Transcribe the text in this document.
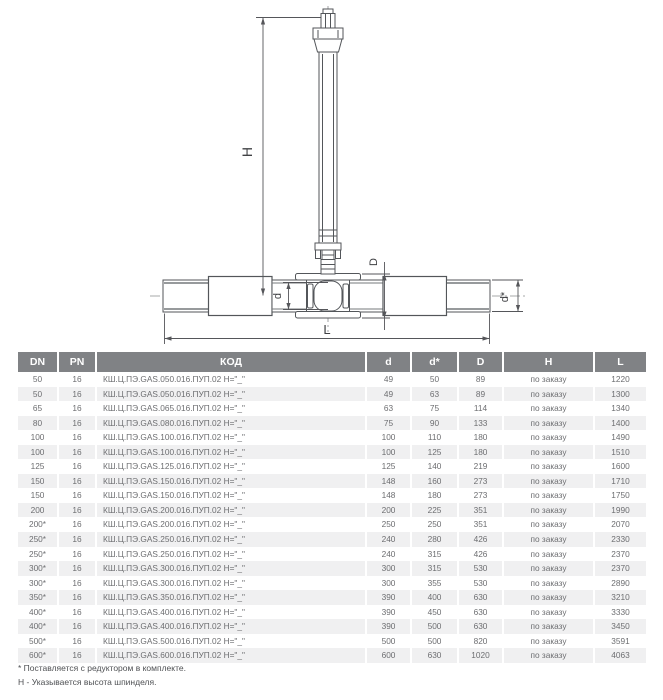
H
L
d
D
d*
DN	PN	КОД	d	d*	D	H	L
50	16	КШ.Ц.ПЭ.GAS.050.016.ПУП.02 Н="_"	49	50	89	по заказу	1220
50	16	КШ.Ц.ПЭ.GAS.050.016.ПУП.02 Н="_"	49	63	89	по заказу	1300
65	16	КШ.Ц.ПЭ.GAS.065.016.ПУП.02 Н="_"	63	75	114	по заказу	1340
80	16	КШ.Ц.ПЭ.GAS.080.016.ПУП.02 Н="_"	75	90	133	по заказу	1400
100	16	КШ.Ц.ПЭ.GAS.100.016.ПУП.02 Н="_"	100	110	180	по заказу	1490
100	16	КШ.Ц.ПЭ.GAS.100.016.ПУП.02 Н="_"	100	125	180	по заказу	1510
125	16	КШ.Ц.ПЭ.GAS.125.016.ПУП.02 Н="_"	125	140	219	по заказу	1600
150	16	КШ.Ц.ПЭ.GAS.150.016.ПУП.02 Н="_"	148	160	273	по заказу	1710
150	16	КШ.Ц.ПЭ.GAS.150.016.ПУП.02 Н="_"	148	180	273	по заказу	1750
200	16	КШ.Ц.ПЭ.GAS.200.016.ПУП.02 Н="_"	200	225	351	по заказу	1990
200*	16	КШ.Ц.ПЭ.GAS.200.016.ПУП.02 Н="_"	250	250	351	по заказу	2070
250*	16	КШ.Ц.ПЭ.GAS.250.016.ПУП.02 Н="_"	240	280	426	по заказу	2330
250*	16	КШ.Ц.ПЭ.GAS.250.016.ПУП.02 Н="_"	240	315	426	по заказу	2370
300*	16	КШ.Ц.ПЭ.GAS.300.016.ПУП.02 Н="_"	300	315	530	по заказу	2370
300*	16	КШ.Ц.ПЭ.GAS.300.016.ПУП.02 Н="_"	300	355	530	по заказу	2890
350*	16	КШ.Ц.ПЭ.GAS.350.016.ПУП.02 Н="_"	390	400	630	по заказу	3210
400*	16	КШ.Ц.ПЭ.GAS.400.016.ПУП.02 Н="_"	390	450	630	по заказу	3330
400*	16	КШ.Ц.ПЭ.GAS.400.016.ПУП.02 Н="_"	390	500	630	по заказу	3450
500*	16	КШ.Ц.ПЭ.GAS.500.016.ПУП.02 Н="_"	500	500	820	по заказу	3591
600*	16	КШ.Ц.ПЭ.GAS.600.016.ПУП.02 Н="_"	600	630	1020	по заказу	4063
* Поставляется с редуктором в комплекте.
Н - Указывается высота шпинделя.
